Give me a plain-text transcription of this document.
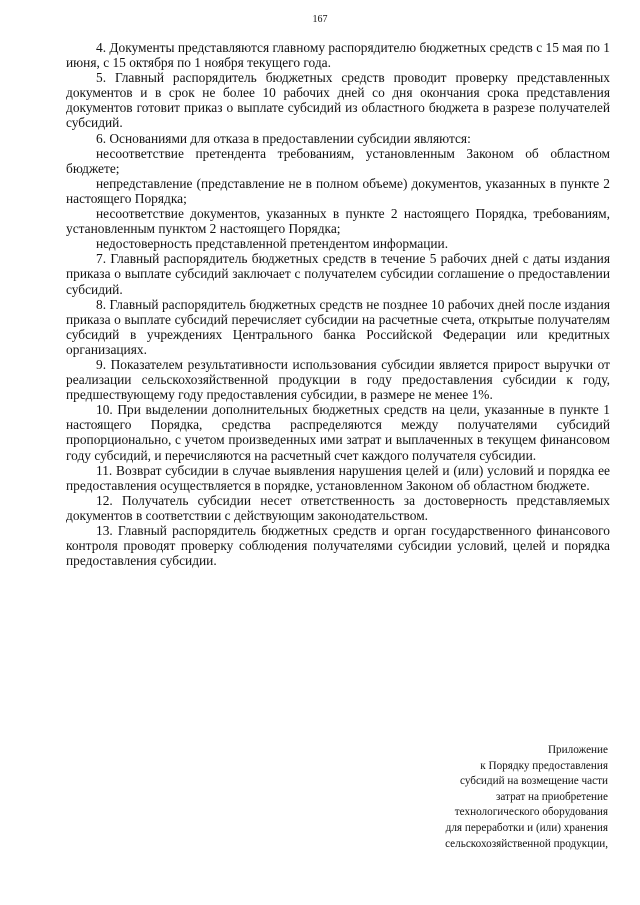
167

4. Документы представляются главному распорядителю бюджетных средств с 15 мая по 1 июня, с 15 октября по 1 ноября текущего года.

5. Главный распорядитель бюджетных средств проводит проверку представленных документов и в срок не более 10 рабочих дней со дня окончания срока представления документов готовит приказ о выплате субсидий из областного бюджета в разрезе получателей субсидий.

6. Основаниями для отказа в предоставлении субсидии являются:

несоответствие претендента требованиям, установленным Законом об областном бюджете;

непредставление (представление не в полном объеме) документов, указанных в пункте 2 настоящего Порядка;

несоответствие документов, указанных в пункте 2 настоящего Порядка, требованиям, установленным пунктом 2 настоящего Порядка;

недостоверность представленной претендентом информации.

7. Главный распорядитель бюджетных средств в течение 5 рабочих дней с даты издания приказа о выплате субсидий заключает с получателем субсидии соглашение о предоставлении субсидий.

8. Главный распорядитель бюджетных средств не позднее 10 рабочих дней после издания приказа о выплате субсидий перечисляет субсидии на расчетные счета, открытые получателям субсидий в учреждениях Центрального банка Российской Федерации или кредитных организациях.

9. Показателем результативности использования субсидии является прирост выручки от реализации сельскохозяйственной продукции в году предоставления субсидии к году, предшествующему году предоставления субсидии, в размере не менее 1%.

10. При выделении дополнительных бюджетных средств на цели, указанные в пункте 1 настоящего Порядка, средства распределяются между получателями субсидий пропорционально, с учетом произведенных ими затрат и выплаченных в текущем финансовом году субсидий, и перечисляются на расчетный счет каждого получателя субсидии.

11. Возврат субсидии в случае выявления нарушения целей и (или) условий и порядка ее предоставления осуществляется в порядке, установленном Законом об областном бюджете.

12. Получатель субсидии несет ответственность за достоверность представляемых документов в соответствии с действующим законодательством.

13. Главный распорядитель бюджетных средств и орган государственного финансового контроля проводят проверку соблюдения получателями субсидии условий, целей и порядка предоставления субсидии.

Приложение
к Порядку предоставления
субсидий на возмещение части
затрат на приобретение
технологического оборудования
для переработки и (или) хранения
сельскохозяйственной продукции,
